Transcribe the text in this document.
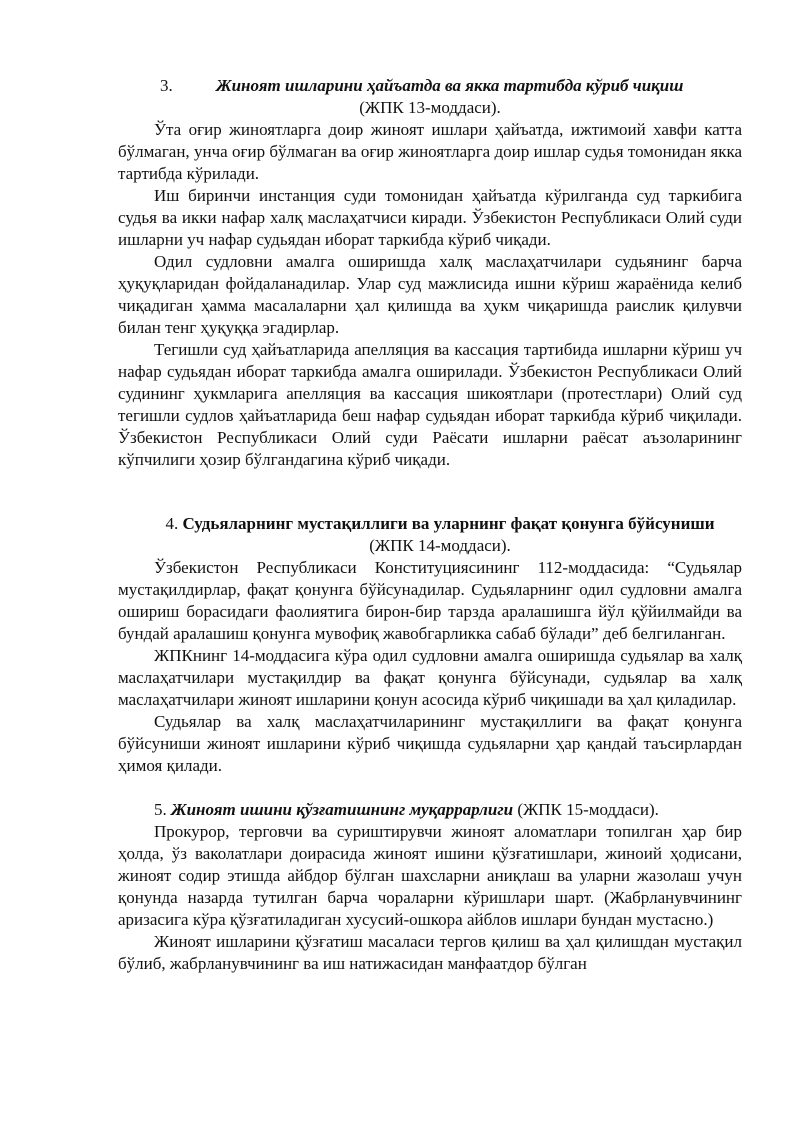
3.	Жиноят ишларини ҳайъатда ва якка тартибда кўриб чиқиш

(ЖПК 13-моддаси).

Ўта оғир жиноятларга доир жиноят ишлари ҳайъатда, ижтимоий хавфи катта бўлмаган, унча оғир бўлмаган ва оғир жиноятларга доир ишлар судья томонидан якка тартибда кўрилади.

Иш биринчи инстанция суди томонидан ҳайъатда кўрилганда суд таркибига судья ва икки нафар халқ маслаҳатчиси киради. Ўзбекистон Республикаси Олий суди ишларни уч нафар судьядан иборат таркибда кўриб чиқади.

Одил судловни амалга оширишда халқ маслаҳатчилари судьянинг барча ҳуқуқларидан фойдаланадилар. Улар суд мажлисида ишни кўриш жараёнида келиб чиқадиган ҳамма масалаларни ҳал қилишда ва ҳукм чиқаришда раислик қилувчи билан тенг ҳуқуққа эгадирлар.

Тегишли суд ҳайъатларида апелляция ва кассация тартибида ишларни кўриш уч нафар судьядан иборат таркибда амалга оширилади. Ўзбекистон Республикаси Олий судининг ҳукмларига апелляция ва кассация шикоятлари (протестлари) Олий суд тегишли судлов ҳайъатларида беш нафар судьядан иборат таркибда кўриб чиқилади. Ўзбекистон Республикаси Олий суди Раёсати ишларни раёсат аъзоларининг кўпчилиги ҳозир бўлгандагина кўриб чиқади.

4. Судьяларнинг мустақиллиги ва уларнинг фақат қонунга бўйсуниши (ЖПК 14-моддаси).

Ўзбекистон Республикаси Конституциясининг 112-моддасида: “Судьялар мустақилдирлар, фақат қонунга бўйсунадилар. Судьяларнинг одил судловни амалга ошириш борасидаги фаолиятига бирон-бир тарзда аралашишга йўл қўйилмайди ва бундай аралашиш қонунга мувофиқ жавобгарликка сабаб бўлади” деб белгиланган.

ЖПКнинг 14-моддасига кўра одил судловни амалга оширишда судьялар ва халқ маслаҳатчилари мустақилдир ва фақат қонунга бўйсунади, судьялар ва халқ маслаҳатчилари жиноят ишларини қонун асосида кўриб чиқишади ва ҳал қиладилар.

Судьялар ва халқ маслаҳатчиларининг мустақиллиги ва фақат қонунга бўйсуниши жиноят ишларини кўриб чиқишда судьяларни ҳар қандай таъсирлардан ҳимоя қилади.

5. Жиноят ишини қўзғатишнинг муқаррарлиги (ЖПК 15-моддаси).

Прокурор, терговчи ва суриштирувчи жиноят аломатлари топилган ҳар бир ҳолда, ўз ваколатлари доирасида жиноят ишини қўзғатишлари, жиноий ҳодисани, жиноят содир этишда айбдор бўлган шахсларни аниқлаш ва уларни жазолаш учун қонунда назарда тутилган барча чораларни кўришлари шарт. (Жабрланувчининг аризасига кўра қўзғатиладиган хусусий-ошкора айблов ишлари бундан мустасно.)

Жиноят ишларини қўзғатиш масаласи тергов қилиш ва ҳал қилишдан мустақил бўлиб, жабрланувчининг ва иш натижасидан манфаатдор бўлган
